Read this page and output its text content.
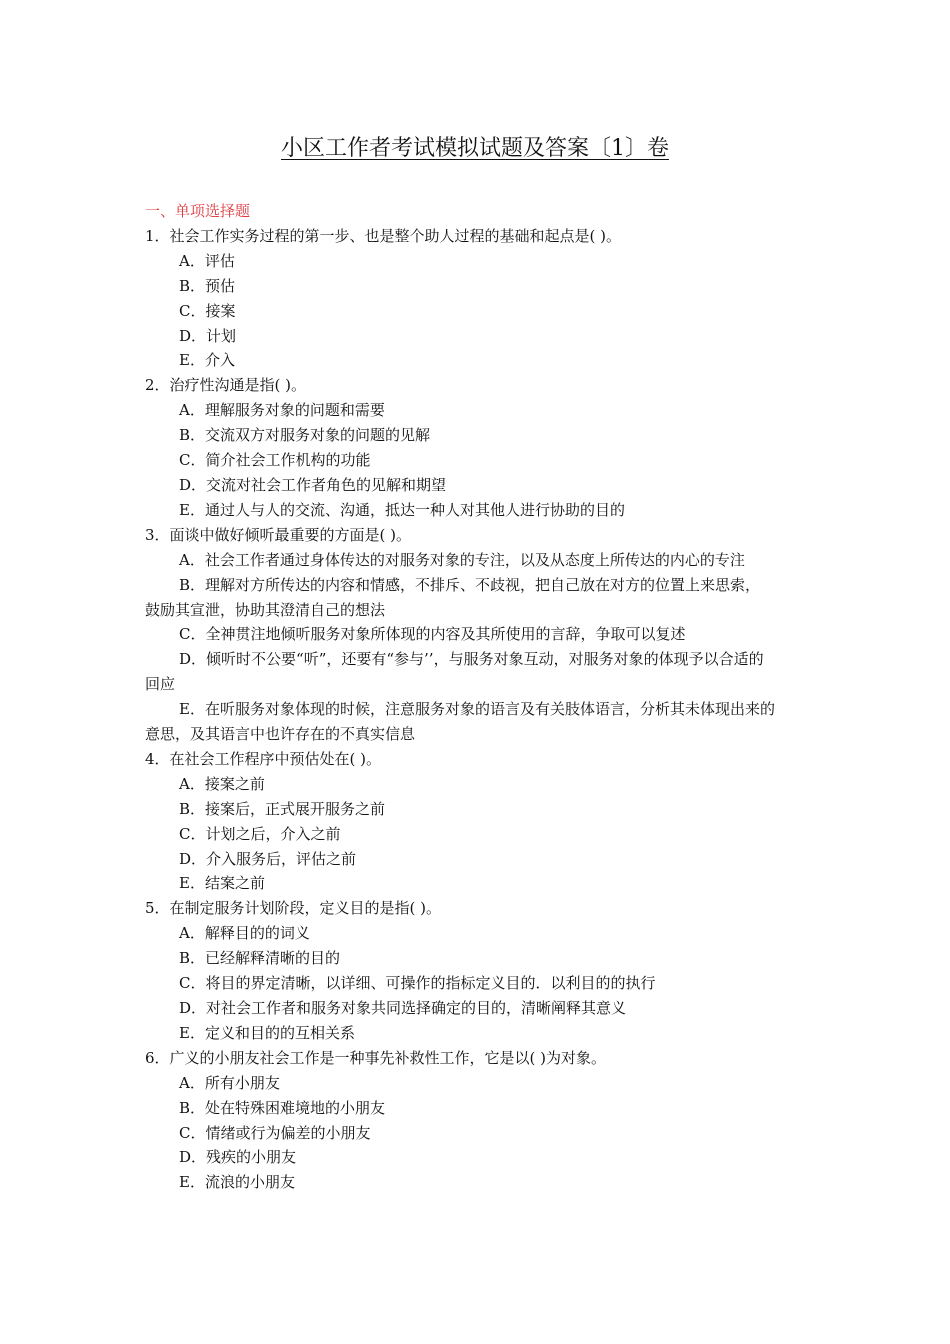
小区工作者考试模拟试题及答案〔1〕卷
一、单项选择题

1．社会工作实务过程的第一步、也是整个助人过程的基础和起点是( )。

A．评估

B．预估

C．接案

D．计划

E．介入

2．治疗性沟通是指( )。

A．理解服务对象的问题和需要

B．交流双方对服务对象的问题的见解

C．简介社会工作机构的功能

D．交流对社会工作者角色的见解和期望

E．通过人与人的交流、沟通，抵达一种人对其他人进行协助的目的

3．面谈中做好倾听最重要的方面是( )。

A．社会工作者通过身体传达的对服务对象的专注，以及从态度上所传达的内心的专注

B．理解对方所传达的内容和情感，不排斥、不歧视，把自己放在对方的位置上来思索，鼓励其宣泄，协助其澄清自己的想法

C．全神贯注地倾听服务对象所体现的内容及其所使用的言辞，争取可以复述

D．倾听时不公要“听”，还要有“参与’’，与服务对象互动，对服务对象的体现予以合适的回应

E．在听服务对象体现的时候，注意服务对象的语言及有关肢体语言，分析其未体现出来的意思，及其语言中也许存在的不真实信息

4．在社会工作程序中预估处在( )。

A．接案之前

B．接案后，正式展开服务之前

C．计划之后，介入之前

D．介入服务后，评估之前

E．结案之前

5．在制定服务计划阶段，定义目的是指( )。

A．解释目的的词义

B．已经解释清晰的目的

C．将目的界定清晰，以详细、可操作的指标定义目的．以利目的的执行

D．对社会工作者和服务对象共同选择确定的目的，清晰阐释其意义

E．定义和目的的互相关系

6．广义的小朋友社会工作是一种事先补救性工作，它是以( )为对象。

A．所有小朋友

B．处在特殊困难境地的小朋友

C．情绪或行为偏差的小朋友

D．残疾的小朋友

E．流浪的小朋友
